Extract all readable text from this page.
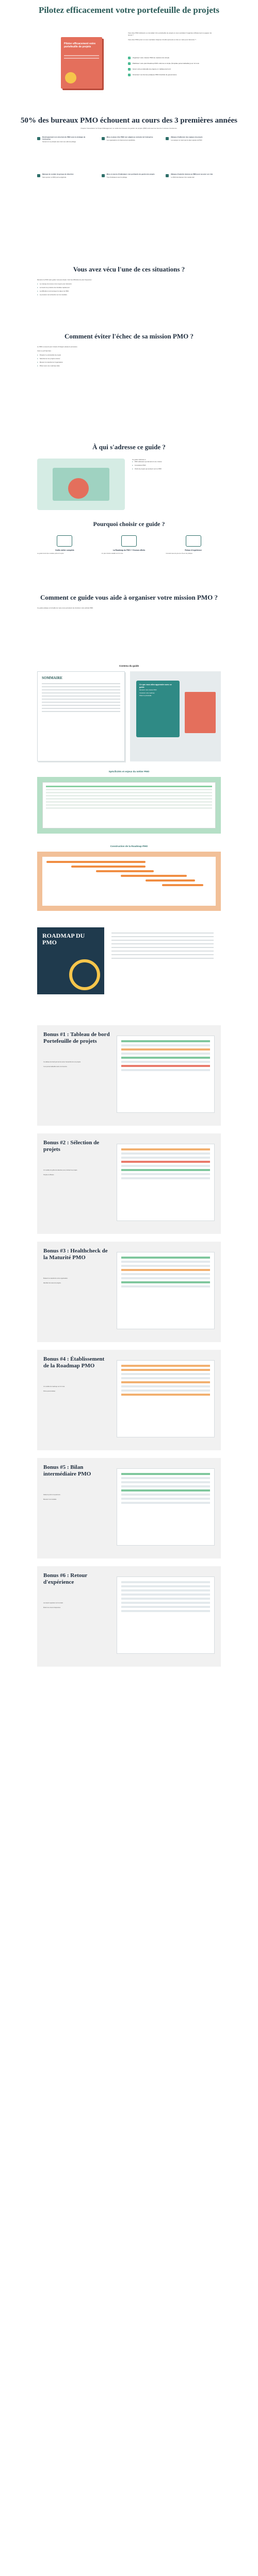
Pilotez efficacement votre portefeuille de projets
Piloter efficacement votre portefeuille de projets

Vous êtes PMO débutant ou consultant d'un portefeuille de projets et vous souhaitez l'organiser efficacement et gagner du temps ?

Vous êtes PMO junior et vous souhaitez disposer d'outils éprouvés et clés en main pour démarrer ?

✓ Organisez votre mission PMO de manière très simple
✓ Établissez votre plan Roadmap PMO ordonné et simple (Template personnalisable) pour 12 mois
✓ Gérez votre portefeuille de projets en 1 tableau de bord
✓ Structurez vos bonnes pratiques PMO d'activité de gouvernance
50% des bureaux PMO échouent au cours des 3 premières années

D'après l'Association for Project Management, la moitié des bureaux de gestion de projets (PMO) échouent au bout de 3 années d'existence.

Développement non structuré du PMO sans la stratégie de l'entreprise
Souvent on se précipite sans créer ses outils de pilotage.
Mise en place d'un PMO non adapté au contexte de l'entreprise
Les organisations ont chacune leurs spécificités.
Manque d'adhésion des équipes de projets
Les équipes ne voient pas la valeur ajoutée du PMO.
Manque de soutien du groupe de direction
Sans sponsor, le PMO perd sa légitimité.
Mise en œuvre d'indicateurs non pertinents de gestion de projets
Trop d'indicateurs tuent le pilotage.
Manque d'autorité donnée au PMO pour assurer son rôle
Le PMO doit disposer d'un mandat clair.
Vous avez vécu l'une de ces situations ?

Démarrer le PMO sans guide n'est pas simple. Voici les difficultés les plus fréquentes :

● Le manque de temps et de moyens pour démarrer.
● Le besoin de produire des livrables rapidement.
● La difficulté à communiquer la valeur du PMO.
● La pression de la direction sur les résultats.
Comment éviter l'échec de sa mission PMO ?

Le PMO a souvent pour mission d'intégrer plusieurs processus.

Voici ce qu'il faut faire :

● Préparer le portefeuille de projets
● Sélectionner les projets à lancer
● Mesurer la maturité de l'organisation
● Piloter avec une roadmap claire
À qui s'adresse ce guide ?

Ce guide s'adresse à :

● PMO débutants qui démarrent une mission
● Consultants PMO
● Chefs de projets qui évoluent vers le PMO
Pourquoi choisir ce guide ?
Outils métier complets
Le guide fournit des modèles prêts à l'emploi.
La Roadmap du PMO + 5 bonus offerts
Un plan d'action détaillé sur 12 mois.
Retour d'expérience
Conseils issus de plus de 15 ans de pratique.
Comment ce guide vous aide à organiser votre mission PMO ?

Ce guide pratique et la feuille de route vous permettent de structurer votre activité PMO.

Contenu du guide
SOMMAIRE
Ce que vous allez apprendre avec ce guide
Démarrer votre mission PMO
Construire votre roadmap
Piloter le portefeuille
Spécificités et enjeux du métier PMO
Construction de la Roadmap PMO
ROADMAP DU PMO
Bonus #1 : Tableau de bord Portefeuille de projets

Ce tableau de bord permet de suivre l'ensemble de vos projets.

Il est personnalisable selon vos besoins.

Bonus #2 : Sélection de projets

Un modèle de grille de sélection pour prioriser les projets.

Simple et efficace.

Bonus #3 : Healthcheck de la Maturité PMO

Évaluez la maturité de votre organisation.

Identifiez les axes de progrès.

Bonus #4 : Établissement de la Roadmap PMO

Un modèle de roadmap sur 12 mois.

Prêt à personnaliser.

Bonus #5 : Bilan intermédiaire PMO

Faites le point à mi-parcours.

Mesurez vos résultats.

Bonus #6 : Retour d'expérience

Les leçons apprises sur le terrain.

Évitez les erreurs fréquentes.
